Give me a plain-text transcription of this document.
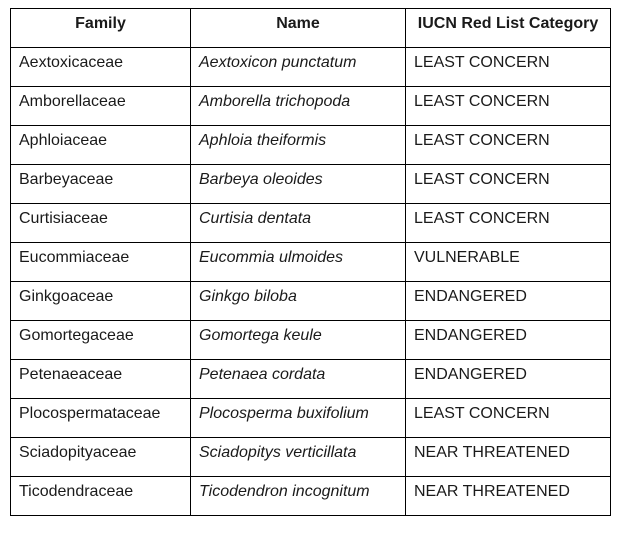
Family	Name	IUCN Red List Category
Aextoxicaceae	Aextoxicon punctatum	LEAST CONCERN
Amborellaceae	Amborella trichopoda	LEAST CONCERN
Aphloiaceae	Aphloia theiformis	LEAST CONCERN
Barbeyaceae	Barbeya oleoides	LEAST CONCERN
Curtisiaceae	Curtisia dentata	LEAST CONCERN
Eucommiaceae	Eucommia ulmoides	VULNERABLE
Ginkgoaceae	Ginkgo biloba	ENDANGERED
Gomortegaceae	Gomortega keule	ENDANGERED
Petenaeaceae	Petenaea cordata	ENDANGERED
Plocospermataceae	Plocosperma buxifolium	LEAST CONCERN
Sciadopityaceae	Sciadopitys verticillata	NEAR THREATENED
Ticodendraceae	Ticodendron incognitum	NEAR THREATENED
